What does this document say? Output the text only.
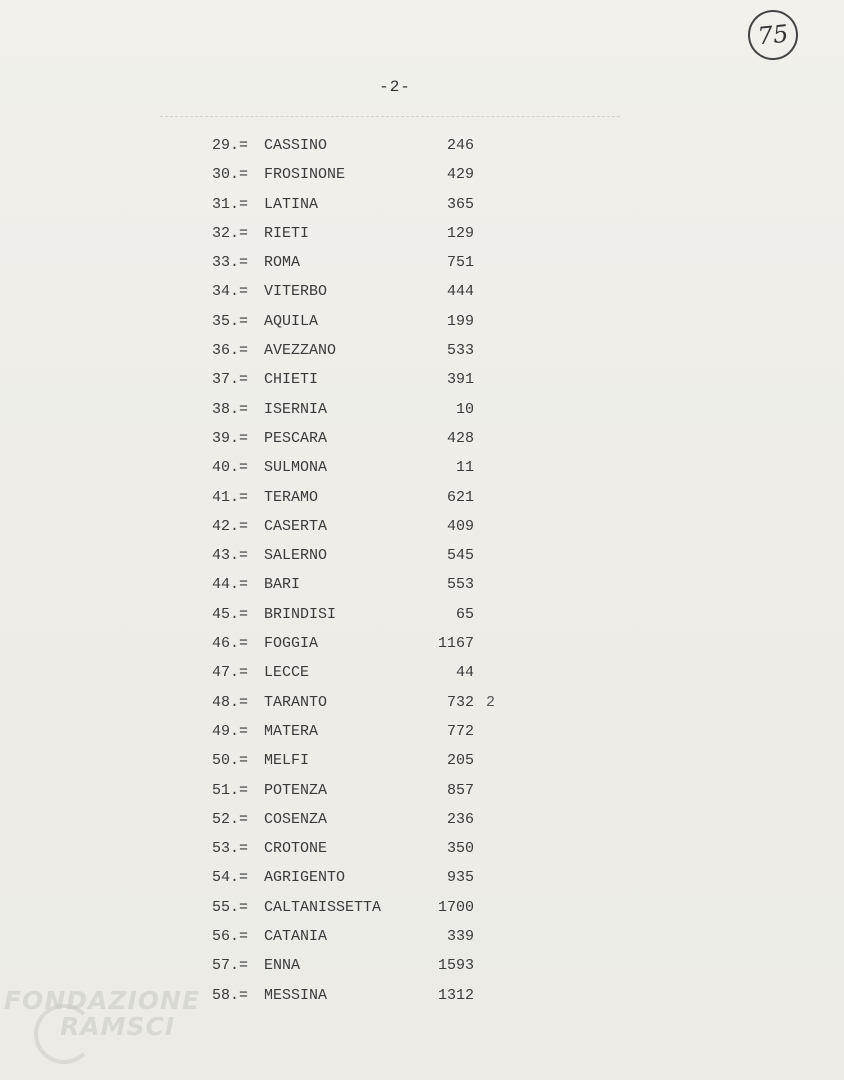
75
-2-
29.=	CASSINO	246
30.=	FROSINONE	429
31.=	LATINA	365
32.=	RIETI	129
33.=	ROMA	751
34.=	VITERBO	444
35.=	AQUILA	199
36.=	AVEZZANO	533
37.=	CHIETI	391
38.=	ISERNIA	10
39.=	PESCARA	428
40.=	SULMONA	11
41.=	TERAMO	621
42.=	CASERTA	409
43.=	SALERNO	545
44.=	BARI	553
45.=	BRINDISI	65
46.=	FOGGIA	1167
47.=	LECCE	44
48.=	TARANTO	732
49.=	MATERA	772
50.=	MELFI	205
51.=	POTENZA	857
52.=	COSENZA	236
53.=	CROTONE	350
54.=	AGRIGENTO	935
55.=	CALTANISSETTA	1700
56.=	CATANIA	339
57.=	ENNA	1593
58.=	MESSINA	1312
2
FONDAZIONE
RAMSCI
